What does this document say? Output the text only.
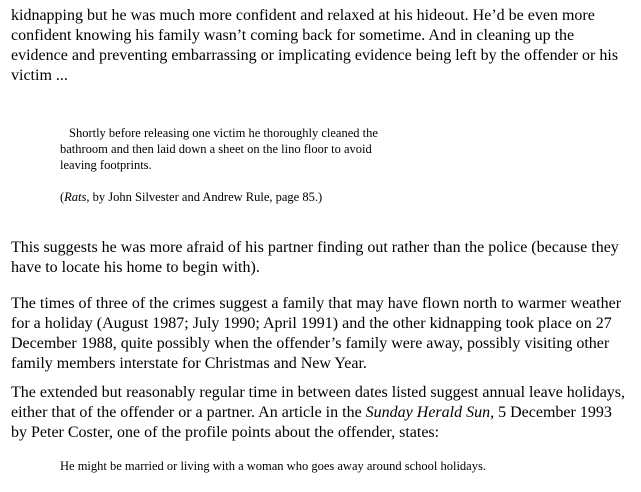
kidnapping but he was much more confident and relaxed at his hideout. He’d be even more
confident knowing his family wasn’t coming back for sometime. And in cleaning up the
evidence and preventing embarrassing or implicating evidence being left by the offender or his
victim ...

Shortly before releasing one victim he thoroughly cleaned the
bathroom and then laid down a sheet on the lino floor to avoid
leaving footprints.
(Rats, by John Silvester and Andrew Rule, page 85.)

This suggests he was more afraid of his partner finding out rather than the police (because they
have to locate his home to begin with).

The times of three of the crimes suggest a family that may have flown north to warmer weather
for a holiday (August 1987; July 1990; April 1991) and the other kidnapping took place on 27
December 1988, quite possibly when the offender’s family were away, possibly visiting other
family members interstate for Christmas and New Year.

The extended but reasonably regular time in between dates listed suggest annual leave holidays,
either that of the offender or a partner. An article in the Sunday Herald Sun, 5 December 1993
by Peter Coster, one of the profile points about the offender, states:

He might be married or living with a woman who goes away around school holidays.
